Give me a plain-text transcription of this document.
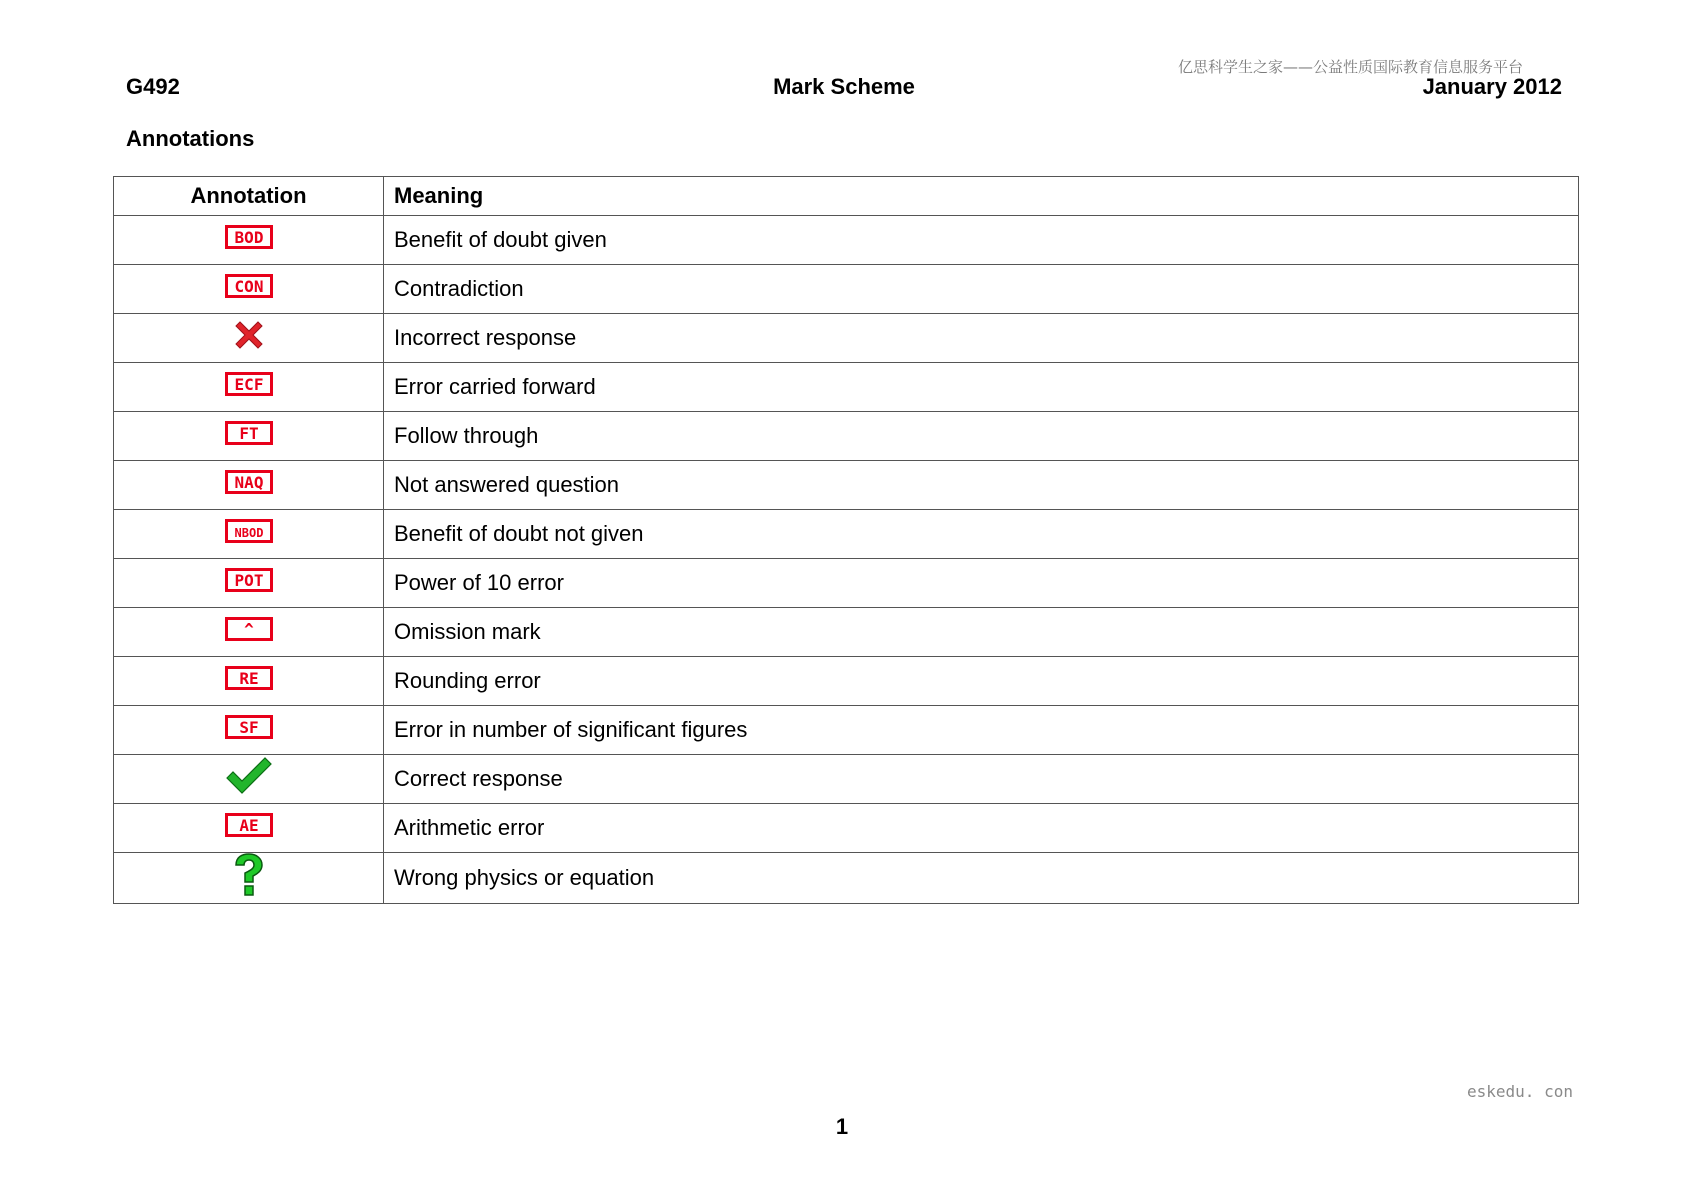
亿思科学生之家——公益性质国际教育信息服务平台
G492	Mark Scheme	January 2012
Annotations
Annotation	Meaning

BOD	Benefit of doubt given

CON	Contradiction
	Incorrect response

ECF	Error carried forward

FT	Follow through

NAQ	Not answered question

NBOD	Benefit of doubt not given

POT	Power of 10 error

^	Omission mark

RE	Rounding error

SF	Error in number of significant figures
	Correct response

AE	Arithmetic error
	Wrong physics or equation
eskedu. con
1
